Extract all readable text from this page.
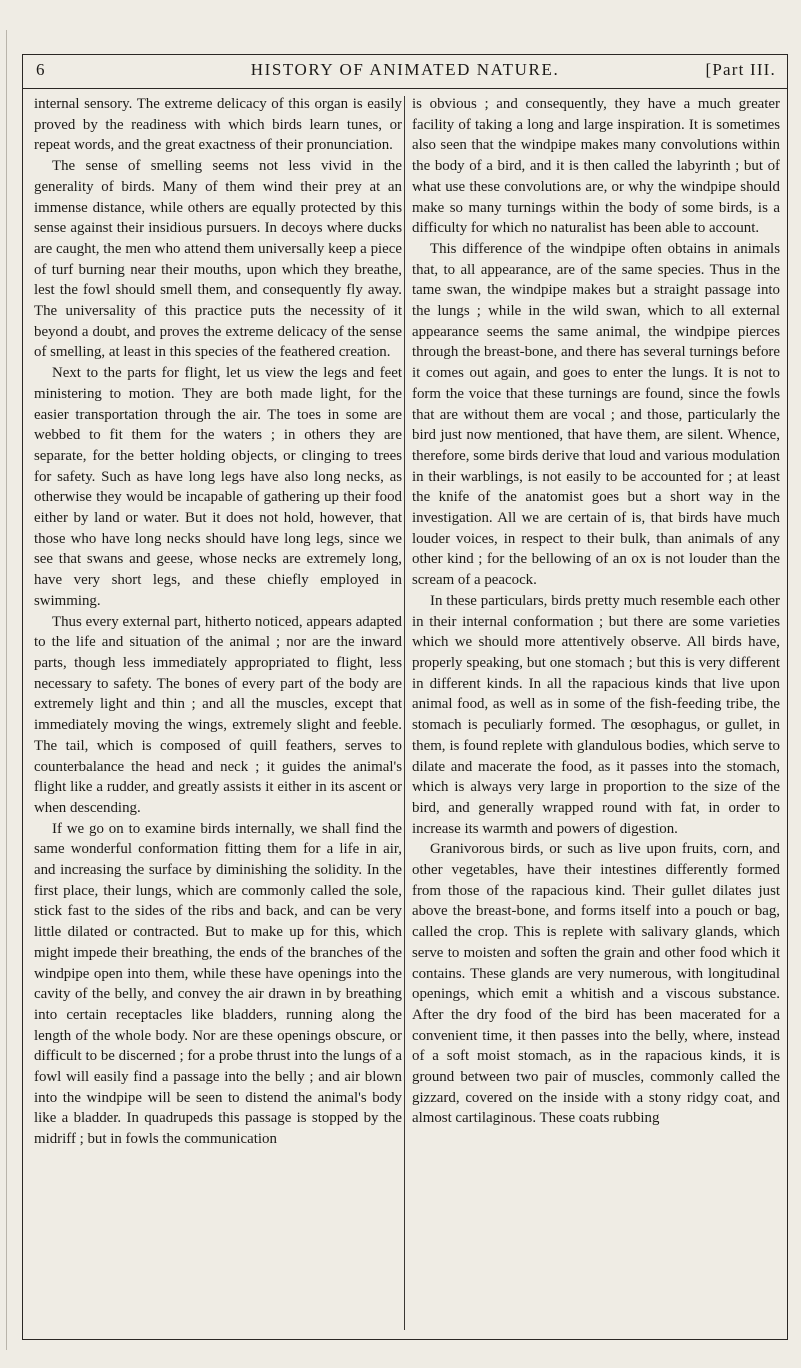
6	HISTORY OF ANIMATED NATURE.	[Part III.

internal sensory. The extreme delicacy of this organ is easily proved by the readiness with which birds learn tunes, or repeat words, and the great exactness of their pronunciation.

The sense of smelling seems not less vivid in the generality of birds. Many of them wind their prey at an immense distance, while others are equally protected by this sense against their insidious pursuers. In decoys where ducks are caught, the men who attend them universally keep a piece of turf burning near their mouths, upon which they breathe, lest the fowl should smell them, and consequently fly away. The universality of this practice puts the necessity of it beyond a doubt, and proves the extreme delicacy of the sense of smelling, at least in this species of the feathered creation.

Next to the parts for flight, let us view the legs and feet ministering to motion. They are both made light, for the easier transportation through the air. The toes in some are webbed to fit them for the waters ; in others they are separate, for the better holding objects, or clinging to trees for safety. Such as have long legs have also long necks, as otherwise they would be incapable of gathering up their food either by land or water. But it does not hold, however, that those who have long necks should have long legs, since we see that swans and geese, whose necks are extremely long, have very short legs, and these chiefly employed in swimming.

Thus every external part, hitherto noticed, appears adapted to the life and situation of the animal ; nor are the inward parts, though less immediately appropriated to flight, less necessary to safety. The bones of every part of the body are extremely light and thin ; and all the muscles, except that immediately moving the wings, extremely slight and feeble. The tail, which is composed of quill feathers, serves to counterbalance the head and neck ; it guides the animal's flight like a rudder, and greatly assists it either in its ascent or when descending.

If we go on to examine birds internally, we shall find the same wonderful conformation fitting them for a life in air, and increasing the surface by diminishing the solidity. In the first place, their lungs, which are commonly called the sole, stick fast to the sides of the ribs and back, and can be very little dilated or contracted. But to make up for this, which might impede their breathing, the ends of the branches of the windpipe open into them, while these have openings into the cavity of the belly, and convey the air drawn in by breathing into certain receptacles like bladders, running along the length of the whole body. Nor are these openings obscure, or difficult to be discerned ; for a probe thrust into the lungs of a fowl will easily find a passage into the belly ; and air blown into the windpipe will be seen to distend the animal's body like a bladder. In quadrupeds this passage is stopped by the midriff ; but in fowls the communication

is obvious ; and consequently, they have a much greater facility of taking a long and large inspiration. It is sometimes also seen that the windpipe makes many convolutions within the body of a bird, and it is then called the labyrinth ; but of what use these convolutions are, or why the windpipe should make so many turnings within the body of some birds, is a difficulty for which no naturalist has been able to account.

This difference of the windpipe often obtains in animals that, to all appearance, are of the same species. Thus in the tame swan, the windpipe makes but a straight passage into the lungs ; while in the wild swan, which to all external appearance seems the same animal, the windpipe pierces through the breast-bone, and there has several turnings before it comes out again, and goes to enter the lungs. It is not to form the voice that these turnings are found, since the fowls that are without them are vocal ; and those, particularly the bird just now mentioned, that have them, are silent. Whence, therefore, some birds derive that loud and various modulation in their warblings, is not easily to be accounted for ; at least the knife of the anatomist goes but a short way in the investigation. All we are certain of is, that birds have much louder voices, in respect to their bulk, than animals of any other kind ; for the bellowing of an ox is not louder than the scream of a peacock.

In these particulars, birds pretty much resemble each other in their internal conformation ; but there are some varieties which we should more attentively observe. All birds have, properly speaking, but one stomach ; but this is very different in different kinds. In all the rapacious kinds that live upon animal food, as well as in some of the fish-feeding tribe, the stomach is peculiarly formed. The œsophagus, or gullet, in them, is found replete with glandulous bodies, which serve to dilate and macerate the food, as it passes into the stomach, which is always very large in proportion to the size of the bird, and generally wrapped round with fat, in order to increase its warmth and powers of digestion.

Granivorous birds, or such as live upon fruits, corn, and other vegetables, have their intestines differently formed from those of the rapacious kind. Their gullet dilates just above the breast-bone, and forms itself into a pouch or bag, called the crop. This is replete with salivary glands, which serve to moisten and soften the grain and other food which it contains. These glands are very numerous, with longitudinal openings, which emit a whitish and a viscous substance. After the dry food of the bird has been macerated for a convenient time, it then passes into the belly, where, instead of a soft moist stomach, as in the rapacious kinds, it is ground between two pair of muscles, commonly called the gizzard, covered on the inside with a stony ridgy coat, and almost cartilaginous. These coats rubbing
